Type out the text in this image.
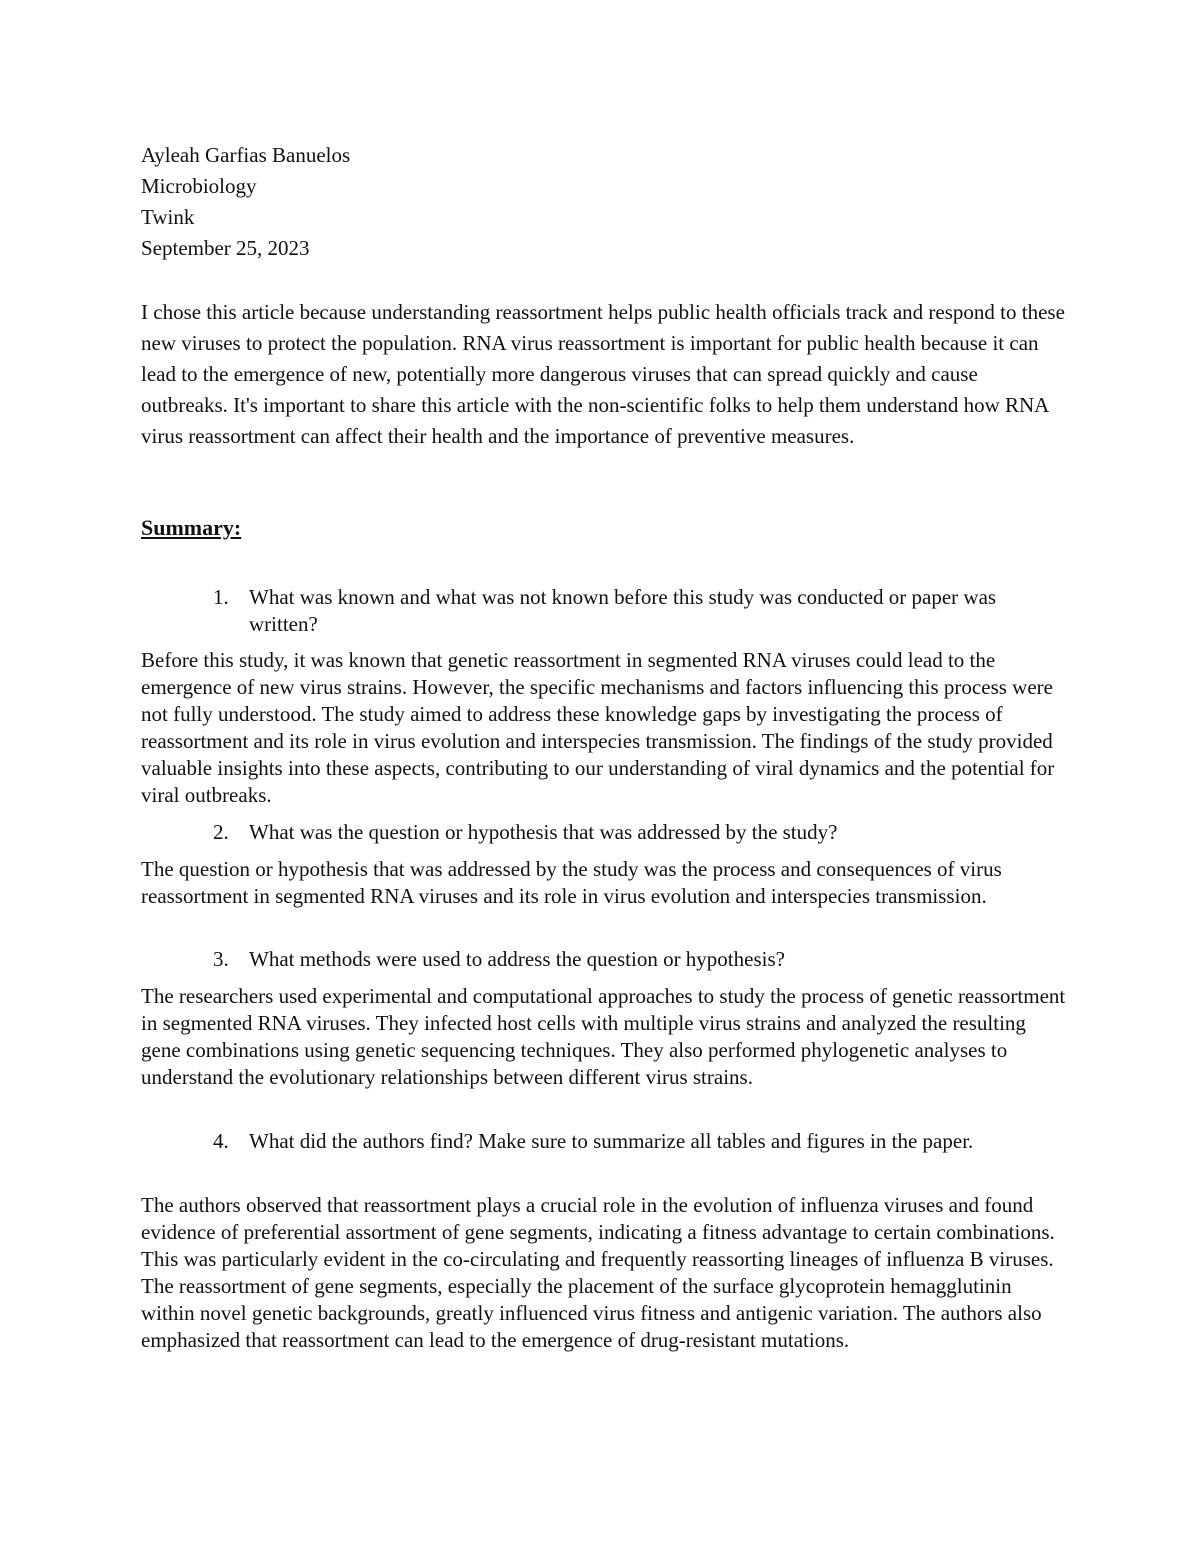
Ayleah Garfias Banuelos
Microbiology
Twink
September 25, 2023

I chose this article because understanding reassortment helps public health officials track and respond to these new viruses to protect the population. RNA virus reassortment is important for public health because it can lead to the emergence of new, potentially more dangerous viruses that can spread quickly and cause outbreaks. It's important to share this article with the non-scientific folks to help them understand how RNA virus reassortment can affect their health and the importance of preventive measures.

Summary:
1. What was known and what was not known before this study was conducted or paper was written?

Before this study, it was known that genetic reassortment in segmented RNA viruses could lead to the emergence of new virus strains. However, the specific mechanisms and factors influencing this process were not fully understood. The study aimed to address these knowledge gaps by investigating the process of reassortment and its role in virus evolution and interspecies transmission. The findings of the study provided valuable insights into these aspects, contributing to our understanding of viral dynamics and the potential for viral outbreaks.

2. What was the question or hypothesis that was addressed by the study?

The question or hypothesis that was addressed by the study was the process and consequences of virus reassortment in segmented RNA viruses and its role in virus evolution and interspecies transmission.

3. What methods were used to address the question or hypothesis?

The researchers used experimental and computational approaches to study the process of genetic reassortment in segmented RNA viruses. They infected host cells with multiple virus strains and analyzed the resulting gene combinations using genetic sequencing techniques. They also performed phylogenetic analyses to understand the evolutionary relationships between different virus strains.

4. What did the authors find? Make sure to summarize all tables and figures in the paper.

The authors observed that reassortment plays a crucial role in the evolution of influenza viruses and found evidence of preferential assortment of gene segments, indicating a fitness advantage to certain combinations. This was particularly evident in the co-circulating and frequently reassorting lineages of influenza B viruses. The reassortment of gene segments, especially the placement of the surface glycoprotein hemagglutinin within novel genetic backgrounds, greatly influenced virus fitness and antigenic variation. The authors also emphasized that reassortment can lead to the emergence of drug-resistant mutations.
